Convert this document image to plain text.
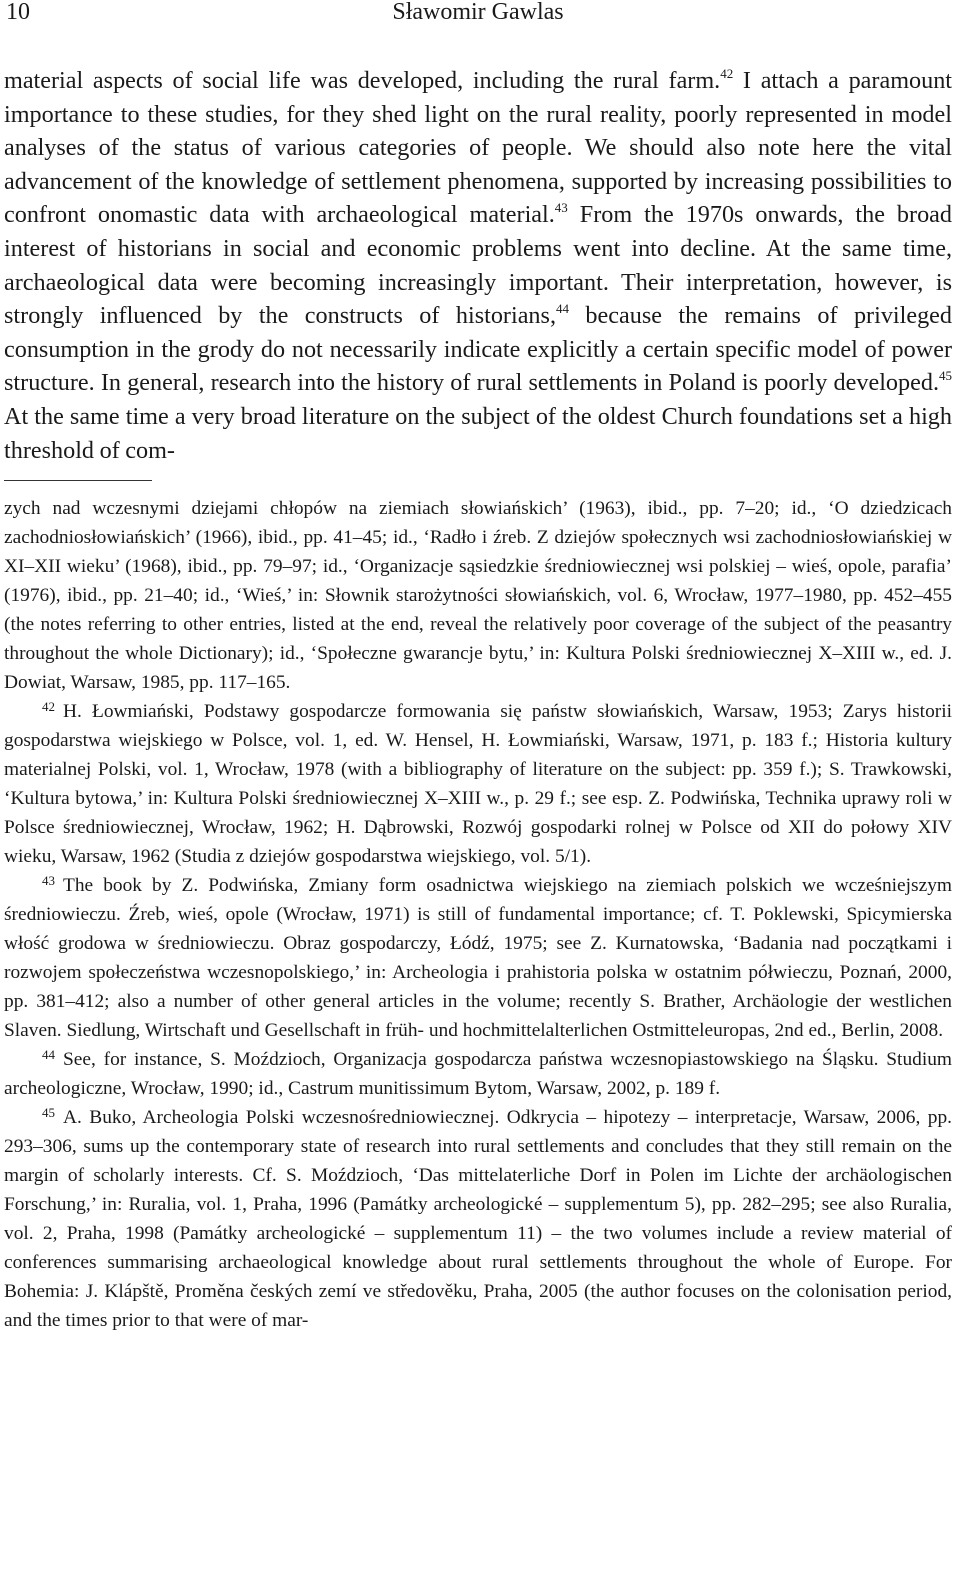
10	Sławomir Gawlas

material aspects of social life was developed, including the rural farm.$^{42}$ I attach a paramount importance to these studies, for they shed light on the rural reality, poorly represented in model analyses of the status of various categories of people. We should also note here the vital advancement of the knowledge of settlement phenomena, supported by increasing possibilities to confront onomastic data with archaeological material.$^{43}$ From the 1970s onwards, the broad interest of historians in social and economic problems went into decline. At the same time, archaeological data were becoming increasingly important. Their interpretation, however, is strongly influenced by the constructs of historians,$^{44}$ because the remains of privileged consumption in the grody do not necessarily indicate explicitly a certain specific model of power structure. In general, research into the history of rural settlements in Poland is poorly developed.$^{45}$ At the same time a very broad literature on the subject of the oldest Church foundations set a high threshold of com-

zych nad wczesnymi dziejami chłopów na ziemiach słowiańskich’ (1963), ibid., pp. 7–20; id., ‘O dziedzicach zachodniosłowiańskich’ (1966), ibid., pp. 41–45; id., ‘Radło i źreb. Z dziejów społecznych wsi zachodniosłowiańskiej w XI–XII wieku’ (1968), ibid., pp. 79–97; id., ‘Organizacje sąsiedzkie średniowiecznej wsi polskiej – wieś, opole, parafia’ (1976), ibid., pp. 21–40; id., ‘Wieś,’ in: Słownik starożytności słowiańskich, vol. 6, Wrocław, 1977–1980, pp. 452–455 (the notes referring to other entries, listed at the end, reveal the relatively poor coverage of the subject of the peasantry throughout the whole Dictionary); id., ‘Społeczne gwarancje bytu,’ in: Kultura Polski średniowiecznej X–XIII w., ed. J. Dowiat, Warsaw, 1985, pp. 117–165.

$^{42}$ H. Łowmiański, Podstawy gospodarcze formowania się państw słowiańskich, Warsaw, 1953; Zarys historii gospodarstwa wiejskiego w Polsce, vol. 1, ed. W. Hensel, H. Łowmiański, Warsaw, 1971, p. 183 f.; Historia kultury materialnej Polski, vol. 1, Wrocław, 1978 (with a bibliography of literature on the subject: pp. 359 f.); S. Trawkowski, ‘Kultura bytowa,’ in: Kultura Polski średniowiecznej X–XIII w., p. 29 f.; see esp. Z. Podwińska, Technika uprawy roli w Polsce średniowiecznej, Wrocław, 1962; H. Dąbrowski, Rozwój gospodarki rolnej w Polsce od XII do połowy XIV wieku, Warsaw, 1962 (Studia z dziejów gospodarstwa wiejskiego, vol. 5/1).

$^{43}$ The book by Z. Podwińska, Zmiany form osadnictwa wiejskiego na ziemiach polskich we wcześniejszym średniowieczu. Źreb, wieś, opole (Wrocław, 1971) is still of fundamental importance; cf. T. Poklewski, Spicymierska włość grodowa w średniowieczu. Obraz gospodarczy, Łódź, 1975; see Z. Kurnatowska, ‘Badania nad początkami i rozwojem społeczeństwa wczesnopolskiego,’ in: Archeologia i prahistoria polska w ostatnim półwieczu, Poznań, 2000, pp. 381–412; also a number of other general articles in the volume; recently S. Brather, Archäologie der westlichen Slaven. Siedlung, Wirtschaft und Gesellschaft in früh- und hochmittelalterlichen Ostmitteleuropas, 2nd ed., Berlin, 2008.

$^{44}$ See, for instance, S. Moździoch, Organizacja gospodarcza państwa wczesnopiastowskiego na Śląsku. Studium archeologiczne, Wrocław, 1990; id., Castrum munitissimum Bytom, Warsaw, 2002, p. 189 f.

$^{45}$ A. Buko, Archeologia Polski wczesnośredniowiecznej. Odkrycia – hipotezy – interpretacje, Warsaw, 2006, pp. 293–306, sums up the contemporary state of research into rural settlements and concludes that they still remain on the margin of scholarly interests. Cf. S. Moździoch, ‘Das mittelaterliche Dorf in Polen im Lichte der archäologischen Forschung,’ in: Ruralia, vol. 1, Praha, 1996 (Památky archeologické – supplementum 5), pp. 282–295; see also Ruralia, vol. 2, Praha, 1998 (Památky archeologické – supplementum 11) – the two volumes include a review material of conferences summarising archaeological knowledge about rural settlements throughout the whole of Europe. For Bohemia: J. Klápště, Proměna českých zemí ve středověku, Praha, 2005 (the author focuses on the colonisation period, and the times prior to that were of mar-
